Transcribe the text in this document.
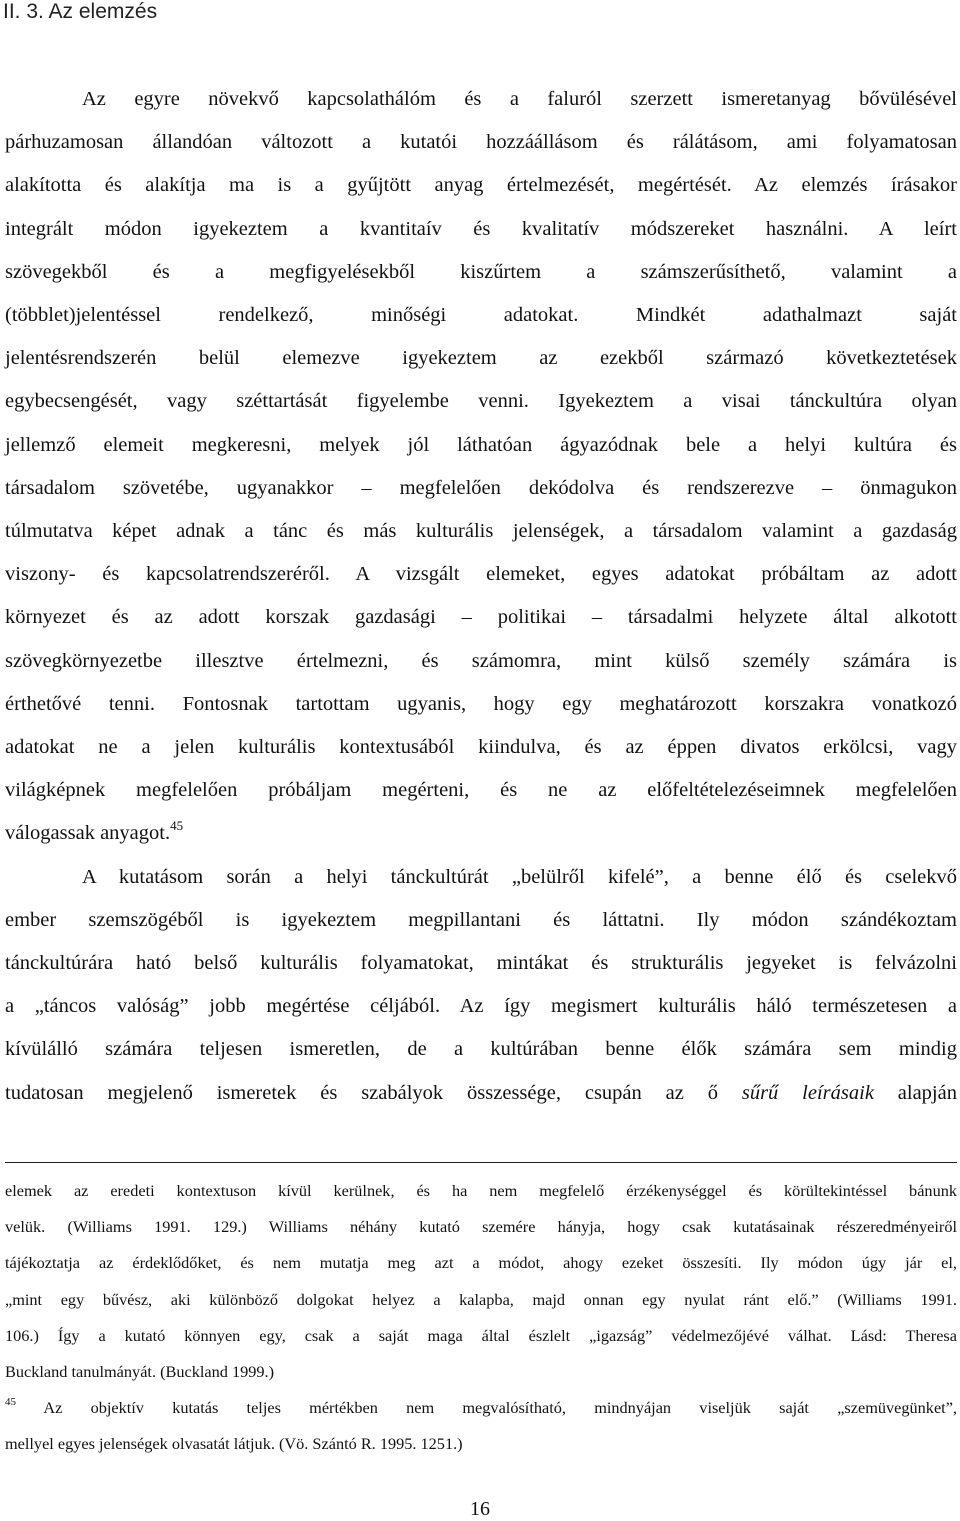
II. 3. Az elemzés
Az egyre növekvő kapcsolathálóm és a faluról szerzett ismeretanyag bővülésével
párhuzamosan állandóan változott a kutatói hozzáállásom és rálátásom, ami folyamatosan
alakította és alakítja ma is a gyűjtött anyag értelmezését, megértését. Az elemzés írásakor
integrált módon igyekeztem a kvantitaív és kvalitatív módszereket használni. A leírt
szövegekből és a megfigyelésekből kiszűrtem a számszerűsíthető, valamint a
(többlet)jelentéssel rendelkező, minőségi adatokat. Mindkét adathalmazt saját
jelentésrendszerén belül elemezve igyekeztem az ezekből származó következtetések
egybecsengését, vagy széttartását figyelembe venni. Igyekeztem a visai tánckultúra olyan
jellemző elemeit megkeresni, melyek jól láthatóan ágyazódnak bele a helyi kultúra és
társadalom szövetébe, ugyanakkor – megfelelően dekódolva és rendszerezve – önmagukon
túlmutatva képet adnak a tánc és más kulturális jelenségek, a társadalom valamint a gazdaság
viszony- és kapcsolatrendszeréről. A vizsgált elemeket, egyes adatokat próbáltam az adott
környezet és az adott korszak gazdasági – politikai – társadalmi helyzete által alkotott
szövegkörnyezetbe illesztve értelmezni, és számomra, mint külső személy számára is
érthetővé tenni. Fontosnak tartottam ugyanis, hogy egy meghatározott korszakra vonatkozó
adatokat ne a jelen kulturális kontextusából kiindulva, és az éppen divatos erkölcsi, vagy
világképnek megfelelően próbáljam megérteni, és ne az előfeltételezéseimnek megfelelően
válogassak anyagot.$^{45}$
A kutatásom során a helyi tánckultúrát „belülről kifelé”, a benne élő és cselekvő
ember szemszögéből is igyekeztem megpillantani és láttatni. Ily módon szándékoztam
tánckultúrára ható belső kulturális folyamatokat, mintákat és strukturális jegyeket is felvázolni
a „táncos valóság” jobb megértése céljából. Az így megismert kulturális háló természetesen a
kívülálló számára teljesen ismeretlen, de a kultúrában benne élők számára sem mindig
tudatosan megjelenő ismeretek és szabályok összessége, csupán az ő sűrű leírásaik alapján
elemek az eredeti kontextuson kívül kerülnek, és ha nem megfelelő érzékenységgel és körültekintéssel bánunk
velük. (Williams 1991. 129.) Williams néhány kutató szemére hányja, hogy csak kutatásainak részeredményeiről
tájékoztatja az érdeklődőket, és nem mutatja meg azt a módot, ahogy ezeket összesíti. Ily módon úgy jár el,
„mint egy bűvész, aki különböző dolgokat helyez a kalapba, majd onnan egy nyulat ránt elő.” (Williams 1991.
106.) Így a kutató könnyen egy, csak a saját maga által észlelt „igazság” védelmezőjévé válhat. Lásd: Theresa
Buckland tanulmányát. (Buckland 1999.)
$^{45}$ Az objektív kutatás teljes mértékben nem megvalósítható, mindnyájan viseljük saját „szemüvegünket”,
mellyel egyes jelenségek olvasatát látjuk. (Vö. Szántó R. 1995. 1251.)

16
